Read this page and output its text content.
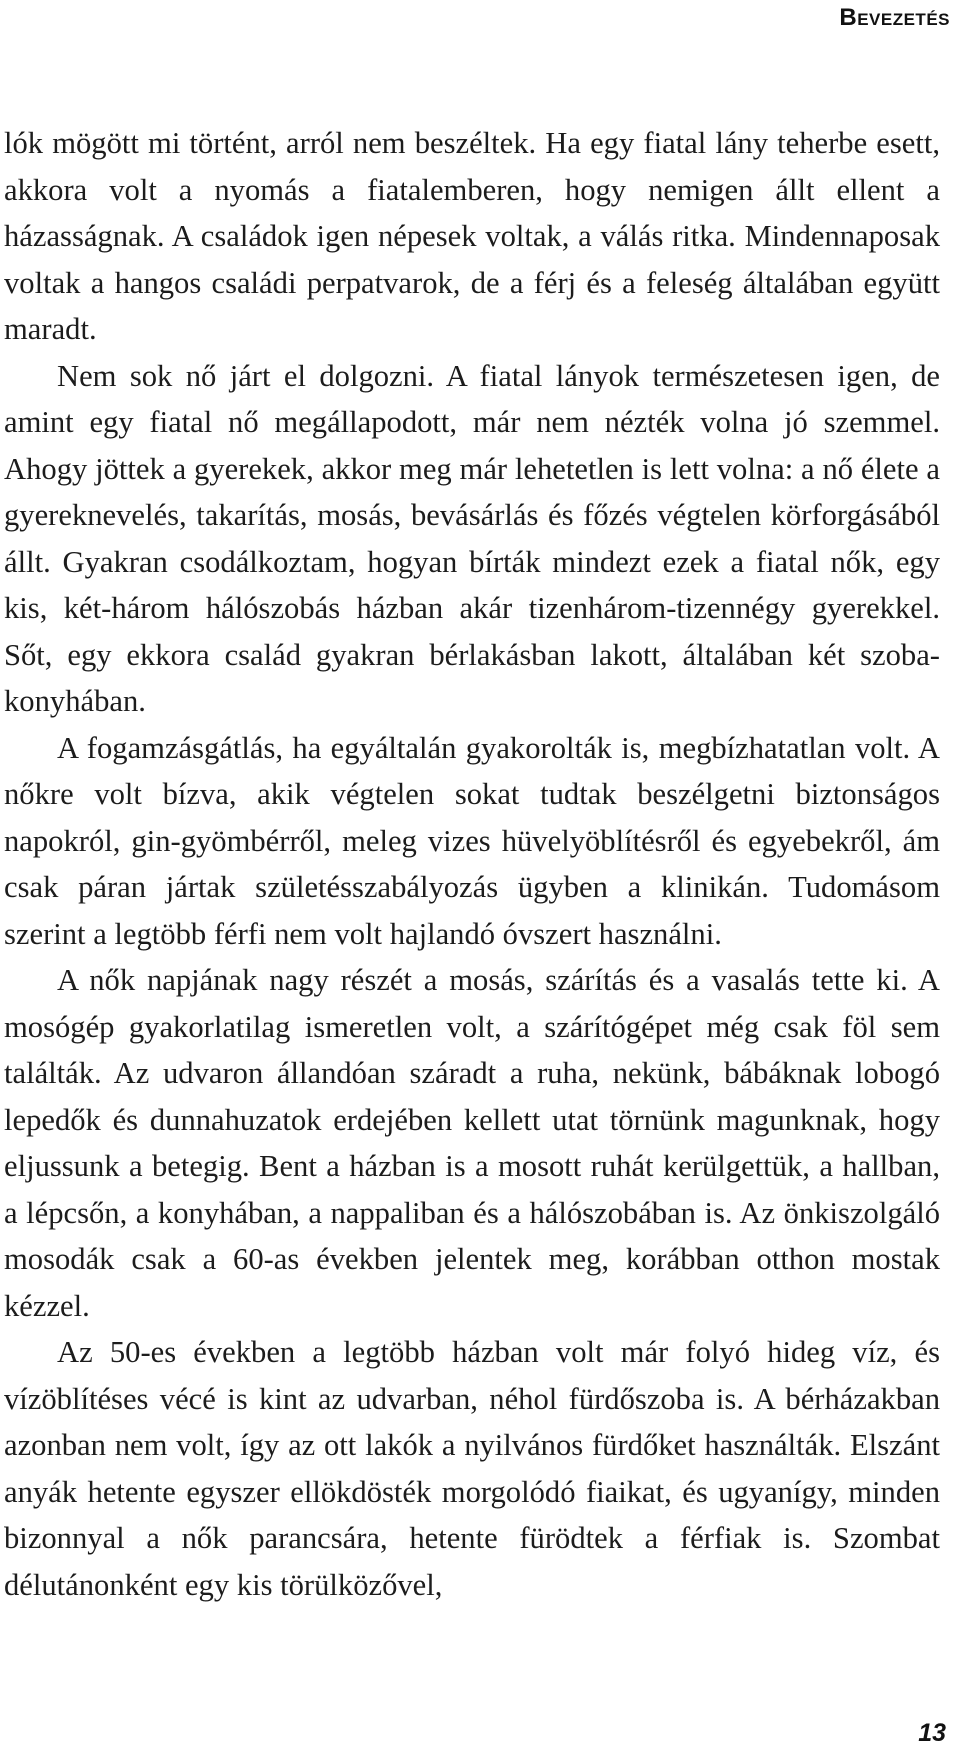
Bevezetés

lók mögött mi történt, arról nem beszéltek. Ha egy fiatal lány teherbe esett, akkora volt a nyomás a fiatalemberen, hogy nemigen állt ellent a házasságnak. A családok igen népesek voltak, a válás ritka. Mindennaposak voltak a hangos családi perpatvarok, de a férj és a feleség általában együtt maradt.

Nem sok nő járt el dolgozni. A fiatal lányok természetesen igen, de amint egy fiatal nő megállapodott, már nem nézték volna jó szemmel. Ahogy jöttek a gyerekek, akkor meg már lehetetlen is lett volna: a nő élete a gyereknevelés, takarítás, mosás, bevásárlás és főzés végtelen körforgásából állt. Gyakran csodálkoztam, hogyan bírták mindezt ezek a fiatal nők, egy kis, két-három hálószobás házban akár tizenhárom-tizennégy gyerekkel. Sőt, egy ekkora család gyakran bérlakásban lakott, általában két szoba-konyhában.

A fogamzásgátlás, ha egyáltalán gyakorolták is, megbízhatatlan volt. A nőkre volt bízva, akik végtelen sokat tudtak beszélgetni biztonságos napokról, gin-gyömbérről, meleg vizes hüvelyöblítésről és egyebekről, ám csak páran jártak születésszabályozás ügyben a klinikán. Tudomásom szerint a legtöbb férfi nem volt hajlandó óvszert használni.

A nők napjának nagy részét a mosás, szárítás és a vasalás tette ki. A mosógép gyakorlatilag ismeretlen volt, a szárítógépet még csak föl sem találták. Az udvaron állandóan száradt a ruha, nekünk, bábáknak lobogó lepedők és dunnahuzatok erdejében kellett utat törnünk magunknak, hogy eljussunk a betegig. Bent a házban is a mosott ruhát kerülgettük, a hallban, a lépcsőn, a konyhában, a nappaliban és a hálószobában is. Az önkiszolgáló mosodák csak a 60-as években jelentek meg, korábban otthon mostak kézzel.

Az 50-es években a legtöbb házban volt már folyó hideg víz, és vízöblítéses vécé is kint az udvarban, néhol fürdőszoba is. A bérházakban azonban nem volt, így az ott lakók a nyilvános fürdőket használták. Elszánt anyák hetente egyszer ellökdösték morgolódó fiaikat, és ugyanígy, minden bizonnyal a nők parancsára, hetente fürödtek a férfiak is. Szombat délutánonként egy kis törülközővel,

13
